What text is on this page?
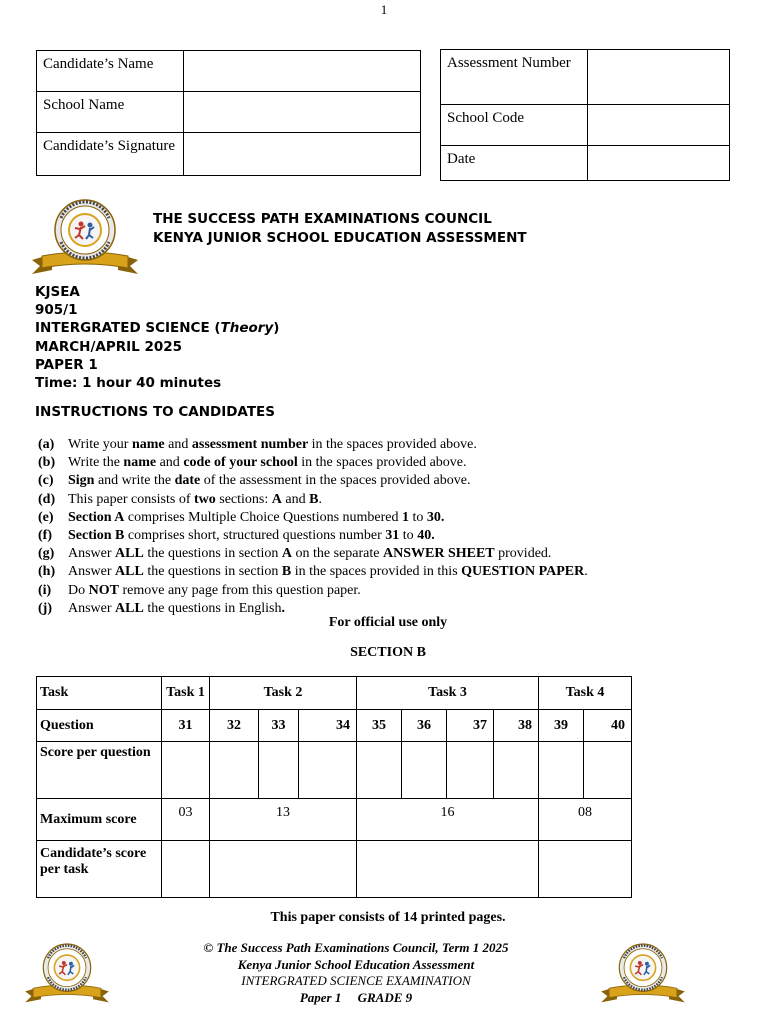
1
Candidate’s Name	
School Name	
Candidate’s Signature	
Assessment Number	
School Code	
Date	
THE SUCCESS PATH EXAMINATIONS COUNCIL
KENYA JUNIOR SCHOOL EDUCATION ASSESSMENT
KJSEA
905/1
INTERGRATED SCIENCE (Theory)
MARCH/APRIL 2025
PAPER 1
Time: 1 hour 40 minutes
INSTRUCTIONS TO CANDIDATES
(a) Write your name and assessment number in the spaces provided above.
(b) Write the name and code of your school in the spaces provided above.
(c)	Sign and write the date of the assessment in the spaces provided above.
(d) This paper consists of two sections: A and B.
(e)	Section A comprises Multiple Choice Questions numbered 1 to 30.
(f)	Section B comprises short, structured questions number 31 to 40.
(g) Answer ALL the questions in section A on the separate ANSWER SHEET provided.
(h) Answer ALL the questions in section B in the spaces provided in this QUESTION PAPER.
(i)	Do NOT remove any page from this question paper.
(j)	Answer ALL the questions in English.
For official use only
SECTION B
Task	Task 1	Task 2			Task 3				Task 4	
Question	31	32	33	34	35	36	37	38	39	40
Score per question										
Maximum score	03	13			16				08	
Candidate’s score per task										
This paper consists of 14 printed pages.
© The Success Path Examinations Council, Term 1 2025
Kenya Junior School Education Assessment
INTERGRATED SCIENCE EXAMINATION
Paper 1 GRADE 9
